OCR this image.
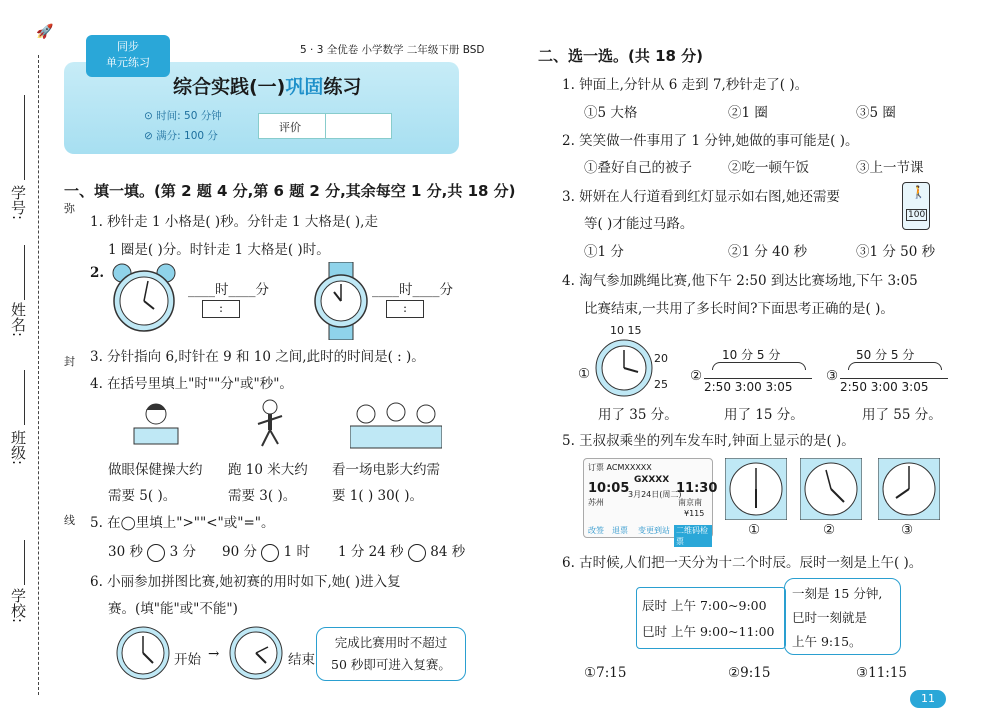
🚀
学校:
班级:
姓名:
学号:	弥
封
线
5 · 3 全优卷 小学数学 二年级下册 BSD
同步
单元练习
综合实践(一)巩固练习
⊙ 时间: 50 分钟
⊘ 满分: 100 分
评价
一、填一填。(第 2 题 4 分,第 6 题 2 分,其余每空 1 分,共 18 分)
1. 秒针走 1 小格是( )秒。分针走 1 大格是( ),走
1 圈是( )分。时针走 1 大格是( )时。
2.
____时____分
:
____时____分
:
3. 分针指向 6,时针在 9 和 10 之间,此时的时间是( : )。
4. 在括号里填上"时""分"或"秒"。
做眼保健操大约
需要 5( )。
跑 10 米大约
需要 3( )。
看一场电影大约需
要 1( ) 30( )。
5. 在◯里填上">""<"或"="。
30 秒 3 分 90 分 1 时 1 分 24 秒 84 秒
6. 小丽参加拼图比赛,她初赛的用时如下,她( )进入复
赛。(填"能"或"不能")
开始 →	结束
完成比赛用时不超过
50 秒即可进入复赛。
二、选一选。(共 18 分)
1. 钟面上,分针从 6 走到 7,秒针走了( )。
①5 大格	②1 圈	③5 圈
2. 笑笑做一件事用了 1 分钟,她做的事可能是( )。
①叠好自己的被子	②吃一顿午饭	③上一节课
3. 妍妍在人行道看到红灯显示如右图,她还需要
等( )才能过马路。
🚶
100
①1 分	②1 分 40 秒	③1 分 50 秒
4. 淘气参加跳绳比赛,他下午 2:50 到达比赛场地,下午 3:05
比赛结束,一共用了多长时间?下面思考正确的是( )。
①
10 15
20
25
用了 35 分。
②
10 分 5 分
2:50 3:00 3:05
用了 15 分。
③
50 分 5 分
2:50 3:00 3:05
用了 55 分。
5. 王叔叔乘坐的列车发车时,钟面上显示的是( )。
订票 ACMXXXXX
GXXXX
10:05	11:30
苏州
3月24日(周二)
南京南
¥115
改签 退票 变更到站 二维码检票
①	②	③
6. 古时候,人们把一天分为十二个时辰。辰时一刻是上午( )。
辰时 上午 7:00~9:00
巳时 上午 9:00~11:00
一刻是 15 分钟,
巳时一刻就是
上午 9:15。
①7:15	②9:15	③11:15
11
